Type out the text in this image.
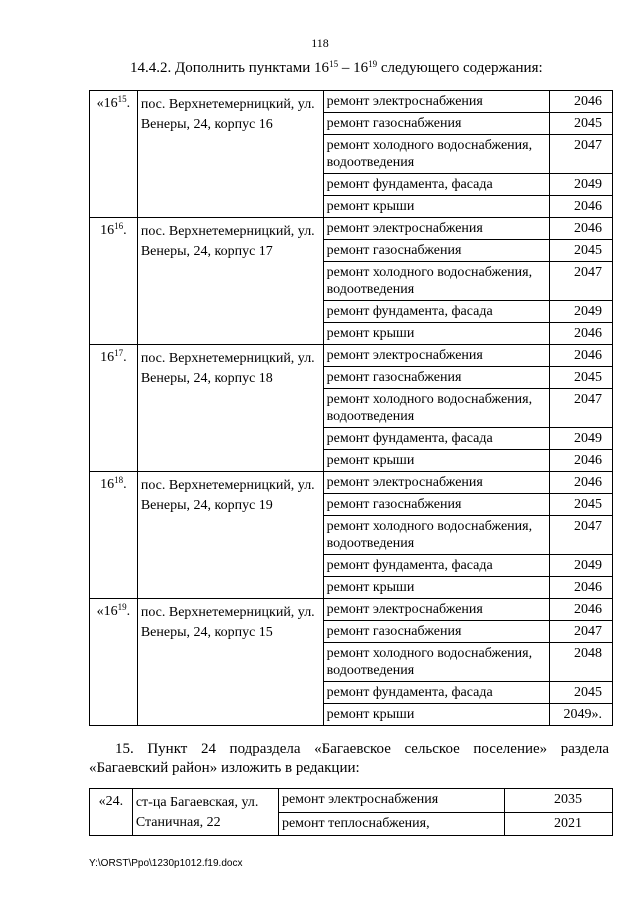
118
14.4.2. Дополнить пунктами $16^{15} - 16^{19}$ следующего содержания:
«$16^{15}$.	пос. Верхнетемерницкий, ул. Венеры, 24, корпус 16	ремонт электроснабжения	2046
		ремонт газоснабжения	2045
		ремонт холодного водоснабжения, водоотведения	2047
		ремонт фундамента, фасада	2049
		ремонт крыши	2046
$16^{16}$.	пос. Верхнетемерницкий, ул. Венеры, 24, корпус 17	ремонт электроснабжения	2046
		ремонт газоснабжения	2045
		ремонт холодного водоснабжения, водоотведения	2047
		ремонт фундамента, фасада	2049
		ремонт крыши	2046
$16^{17}$.	пос. Верхнетемерницкий, ул. Венеры, 24, корпус 18	ремонт электроснабжения	2046
		ремонт газоснабжения	2045
		ремонт холодного водоснабжения, водоотведения	2047
		ремонт фундамента, фасада	2049
		ремонт крыши	2046
$16^{18}$.	пос. Верхнетемерницкий, ул. Венеры, 24, корпус 19	ремонт электроснабжения	2046
		ремонт газоснабжения	2045
		ремонт холодного водоснабжения, водоотведения	2047
		ремонт фундамента, фасада	2049
		ремонт крыши	2046
«$16^{19}$.	пос. Верхнетемерницкий, ул. Венеры, 24, корпус 15	ремонт электроснабжения	2046
		ремонт газоснабжения	2047
		ремонт холодного водоснабжения, водоотведения	2048
		ремонт фундамента, фасада	2045
		ремонт крыши	2049».
15. Пункт 24 подраздела «Багаевское сельское поселение» раздела
«Багаевский район» изложить в редакции:
«24.	ст-ца Багаевская, ул. Станичная, 22	ремонт электроснабжения	2035
		ремонт теплоснабжения,	2021
Y:\ORST\Ppo\1230p1012.f19.docx
